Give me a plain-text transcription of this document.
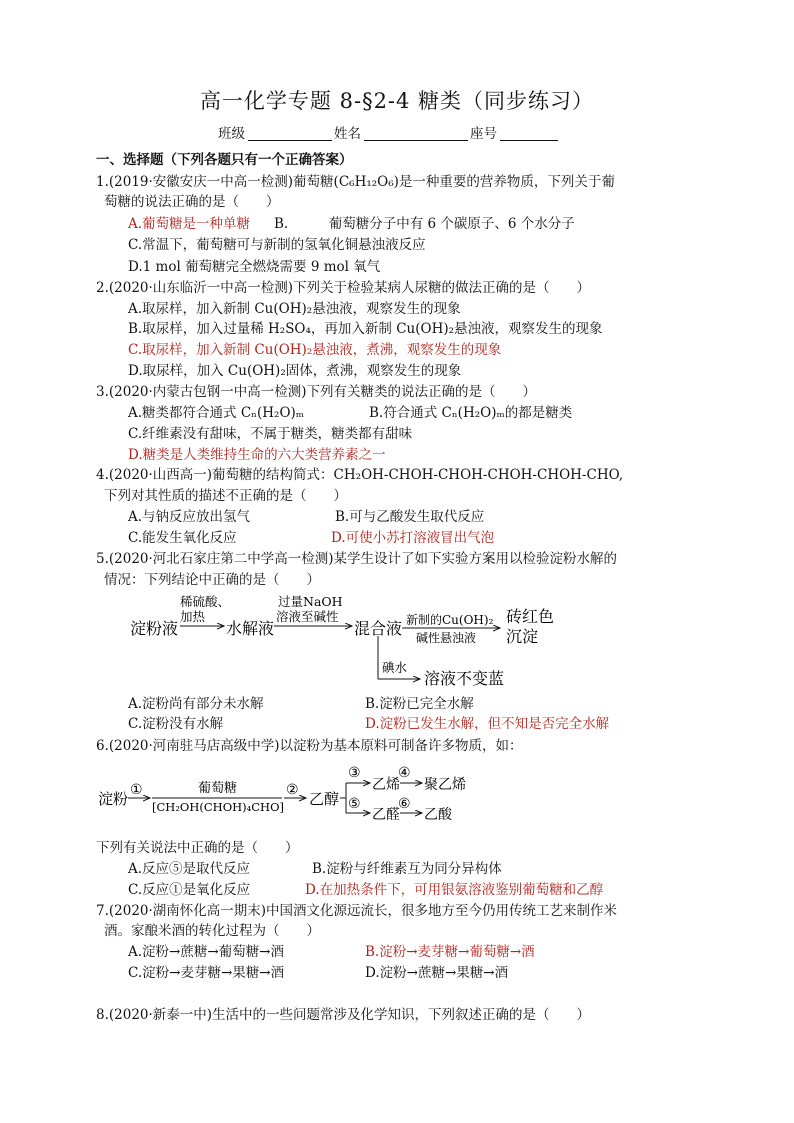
高一化学专题 8-§2-4 糖类（同步练习）
班级	姓名	座号
一、选择题（下列各题只有一个正确答案）
1.(2019·安徽安庆一中高一检测)葡萄糖(C₆H₁₂O₆)是一种重要的营养物质，下列关于葡
萄糖的说法正确的是（　　）
A.葡萄糖是一种单糖 B.　　　葡萄糖分子中有 6 个碳原子、6 个水分子
C.常温下，葡萄糖可与新制的氢氧化铜悬浊液反应
D.1 mol 葡萄糖完全燃烧需要 9 mol 氧气
2.(2020·山东临沂一中高一检测)下列关于检验某病人尿糖的做法正确的是（　　）
A.取尿样，加入新制 Cu(OH)₂悬浊液，观察发生的现象
B.取尿样，加入过量稀 H₂SO₄，再加入新制 Cu(OH)₂悬浊液，观察发生的现象
C.取尿样，加入新制 Cu(OH)₂悬浊液，煮沸，观察发生的现象
D.取尿样，加入 Cu(OH)₂固体，煮沸，观察发生的现象
3.(2020·内蒙古包钢一中高一检测)下列有关糖类的说法正确的是（　　）
A.糖类都符合通式 Cₙ(H₂O)ₘ	B.符合通式 Cₙ(H₂O)ₘ的都是糖类
C.纤维素没有甜味，不属于糖类，糖类都有甜味
D.糖类是人类维持生命的六大类营养素之一
4.(2020·山西高一)葡萄糖的结构简式：CH₂OH-CHOH-CHOH-CHOH-CHOH-CHO,
下列对其性质的描述不正确的是（　　）
A.与钠反应放出氢气	B.可与乙酸发生取代反应
C.能发生氧化反应	D.可使小苏打溶液冒出气泡
5.(2020·河北石家庄第二中学高一检测)某学生设计了如下实验方案用以检验淀粉水解的
情况：下列结论中正确的是（　　）
淀粉液
稀硫酸、
加热
水解液
过量NaOH
溶液至碱性
混合液 新制的Cu(OH)₂
碱性悬浊液
砖红色
沉淀
碘水
溶液不变蓝
A.淀粉尚有部分未水解	B.淀粉已完全水解
C.淀粉没有水解	D.淀粉已发生水解，但不知是否完全水解
6.(2020·河南驻马店高级中学)以淀粉为基本原料可制备许多物质，如：
淀粉 ①	葡萄糖
[CH₂OH(CHOH)₄CHO]
② 乙醇
③
乙烯
④
聚乙烯
⑤
乙醛
⑥
乙酸
下列有关说法中正确的是（　　）
A.反应⑤是取代反应	B.淀粉与纤维素互为同分异构体
C.反应①是氧化反应	D.在加热条件下，可用银氨溶液鉴别葡萄糖和乙醇
7.(2020·湖南怀化高一期末)中国酒文化源远流长，很多地方至今仍用传统工艺来制作米
酒。家酿米酒的转化过程为（　　）
A.淀粉→蔗糖→葡萄糖→酒	B.淀粉→麦芽糖→葡萄糖→酒
C.淀粉→麦芽糖→果糖→酒	D.淀粉→蔗糖→果糖→酒
8.(2020·新泰一中)生活中的一些问题常涉及化学知识，下列叙述正确的是（　　）
